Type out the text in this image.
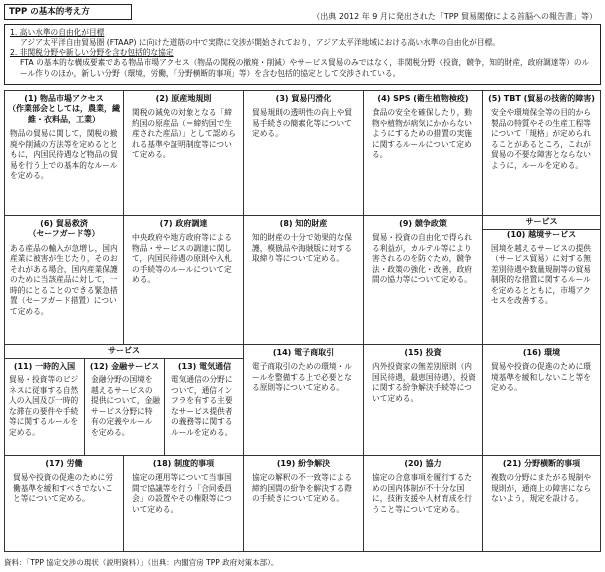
TPP の基本的考え方	（出典 2012 年 9 月に発出された「TPP 貿易閣僚による首脳への報告書」等）
1. 高い水準の自由化が目標
アジア太平洋自由貿易圏 (FTAAP) に向けた道筋の中で実際に交渉が開始されており，アジア太平洋地域における高い水準の自由化が目標。
2. 非関税分野や新しい分野を含む包括的な協定
FTA の基本的な構成要素である物品市場アクセス（物品の関税の撤廃・削減）やサービス貿易のみではなく，非関税分野（投資，競争，知的財産，政府調達等）のルール作りのほか，新しい分野（環境，労働，「分野横断的事項」等）を含む包括的協定として交渉されている。
(1) 物品市場アクセス
（作業部会としては，農業，繊維・衣料品，工業）
物品の貿易に関して，関税の撤廃や削減の方法等を定めるとともに，内国民待遇など物品の貿易を行う上での基本的なルールを定める。
(2) 原産地規則
関税の減免の対象となる「締約国の原産品（＝締約国で生産された産品）」として認められる基準や証明制度等について定める。
(3) 貿易円滑化
貿易規則の透明性の向上や貿易手続きの簡素化等について定める。
(4) SPS (衛生植物検疫)
食品の安全を確保したり，動物や植物が病気にかからないようにするための措置の実施に関するルールについて定める。
(5) TBT (貿易の技術的障害)
安全や環境保全等の目的から製品の特質やその生産工程等について「規格」が定められることがあるところ，これが貿易の不要な障害とならないように，ルールを定める。
(6) 貿易救済
（セーフガード等）
ある産品の輸入が急増し，国内産業に被害が生じたり，そのおそれがある場合，国内産業保護のために当該産品に対して，一時的にとることのできる緊急措置（セーフガード措置）について定める。
(7) 政府調達
中央政府や地方政府等による物品・サービスの調達に関して，内国民待遇の原則や入札の手続等のルールについて定める。
(8) 知的財産
知的財産の十分で効果的な保護，模倣品や海賊版に対する取締り等について定める。
(9) 競争政策
貿易・投資の自由化で得られる利益が，カルテル等により害されるのを防ぐため，競争法・政策の強化・改善，政府間の協力等について定める。
サービス
(10) 越境サービス
国境を越えるサービスの提供（サービス貿易）に対する無差別待遇や数量規制等の貿易制限的な措置に関するルールを定めるとともに，市場アクセスを改善する。
サービス
(11) 一時的入国
貿易・投資等のビジネスに従事する自然人の入国及び一時的な滞在の要件や手続等に関するルールを定める。
(12) 金融サービス
金融分野の国境を越えるサービスの提供について，金融サービス分野に特有の定義やルールを定める。
(13) 電気通信
電気通信の分野について，通信インフラを有する主要なサービス提供者の義務等に関するルールを定める。
(14) 電子商取引
電子商取引のための環境・ルールを整備する上で必要となる原則等について定める。
(15) 投資
内外投資家の無差別原則（内国民待遇，最恵国待遇），投資に関する紛争解決手続等について定める。
(16) 環境
貿易や投資の促進のために環境基準を緩和しないこと等を定める。
(17) 労働
貿易や投資の促進のために労働基準を緩和すべきでないこと等について定める。
(18) 制度的事項
協定の運用等について当事国間で協議等を行う「合同委員会」の設置やその権限等について定める。
(19) 紛争解決
協定の解釈の不一致等による締約国間の紛争を解決する際の手続きについて定める。
(20) 協力
協定の合意事項を履行するための国内体制が不十分な国に，技術支援や人材育成を行うこと等について定める。
(21) 分野横断的事項
複数の分野にまたがる規制や規則が，通商上の障害にならないよう，規定を設ける。
資料：「TPP 協定交渉の現状（説明資料）」（出典：内閣官房 TPP 政府対策本部）。
